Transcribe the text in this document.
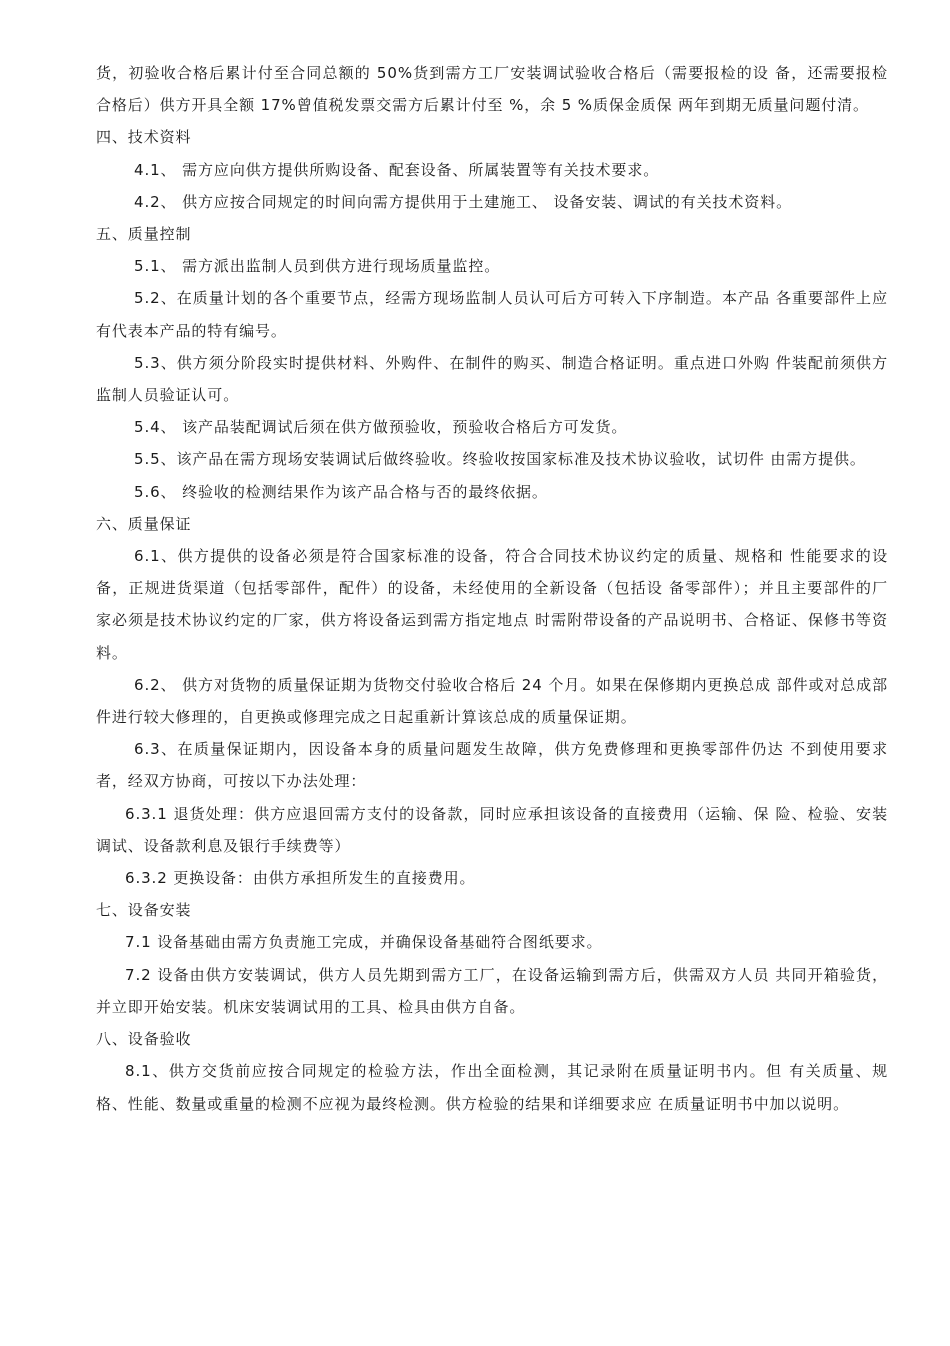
货，初验收合格后累计付至合同总额的 50%货到需方工厂安装调试验收合格后（需要报检的设 备，还需要报检合格后）供方开具全额 17%曾值税发票交需方后累计付至 %，余 5 %质保金质保 两年到期无质量问题付清。

四、技术资料

4.1、 需方应向供方提供所购设备、配套设备、所属装置等有关技术要求。

4.2、 供方应按合同规定的时间向需方提供用于土建施工、 设备安装、调试的有关技术资料。

五、质量控制

5.1、 需方派出监制人员到供方进行现场质量监控。

5.2、在质量计划的各个重要节点，经需方现场监制人员认可后方可转入下序制造。本产品 各重要部件上应有代表本产品的特有编号。

5.3、供方须分阶段实时提供材料、外购件、在制件的购买、制造合格证明。重点进口外购 件装配前须供方监制人员验证认可。

5.4、 该产品装配调试后须在供方做预验收，预验收合格后方可发货。

5.5、该产品在需方现场安装调试后做终验收。终验收按国家标准及技术协议验收，试切件 由需方提供。

5.6、 终验收的检测结果作为该产品合格与否的最终依据。

六、质量保证

6.1、供方提供的设备必须是符合国家标准的设备，符合合同技术协议约定的质量、规格和 性能要求的设备，正规进货渠道（包括零部件，配件）的设备，未经使用的全新设备（包括设 备零部件）；并且主要部件的厂家必须是技术协议约定的厂家，供方将设备运到需方指定地点 时需附带设备的产品说明书、合格证、保修书等资料。

6.2、 供方对货物的质量保证期为货物交付验收合格后 24 个月。如果在保修期内更换总成 部件或对总成部件进行较大修理的，自更换或修理完成之日起重新计算该总成的质量保证期。

6.3、在质量保证期内，因设备本身的质量问题发生故障，供方免费修理和更换零部件仍达 不到使用要求者，经双方协商，可按以下办法处理：

6.3.1 退货处理：供方应退回需方支付的设备款，同时应承担该设备的直接费用（运输、保 险、检验、安装调试、设备款利息及银行手续费等）

6.3.2 更换设备：由供方承担所发生的直接费用。

七、设备安装

7.1 设备基础由需方负责施工完成，并确保设备基础符合图纸要求。

7.2 设备由供方安装调试，供方人员先期到需方工厂，在设备运输到需方后，供需双方人员 共同开箱验货，并立即开始安装。机床安装调试用的工具、检具由供方自备。

八、设备验收

8.1、供方交货前应按合同规定的检验方法，作出全面检测，其记录附在质量证明书内。但 有关质量、规格、性能、数量或重量的检测不应视为最终检测。供方检验的结果和详细要求应 在质量证明书中加以说明。
